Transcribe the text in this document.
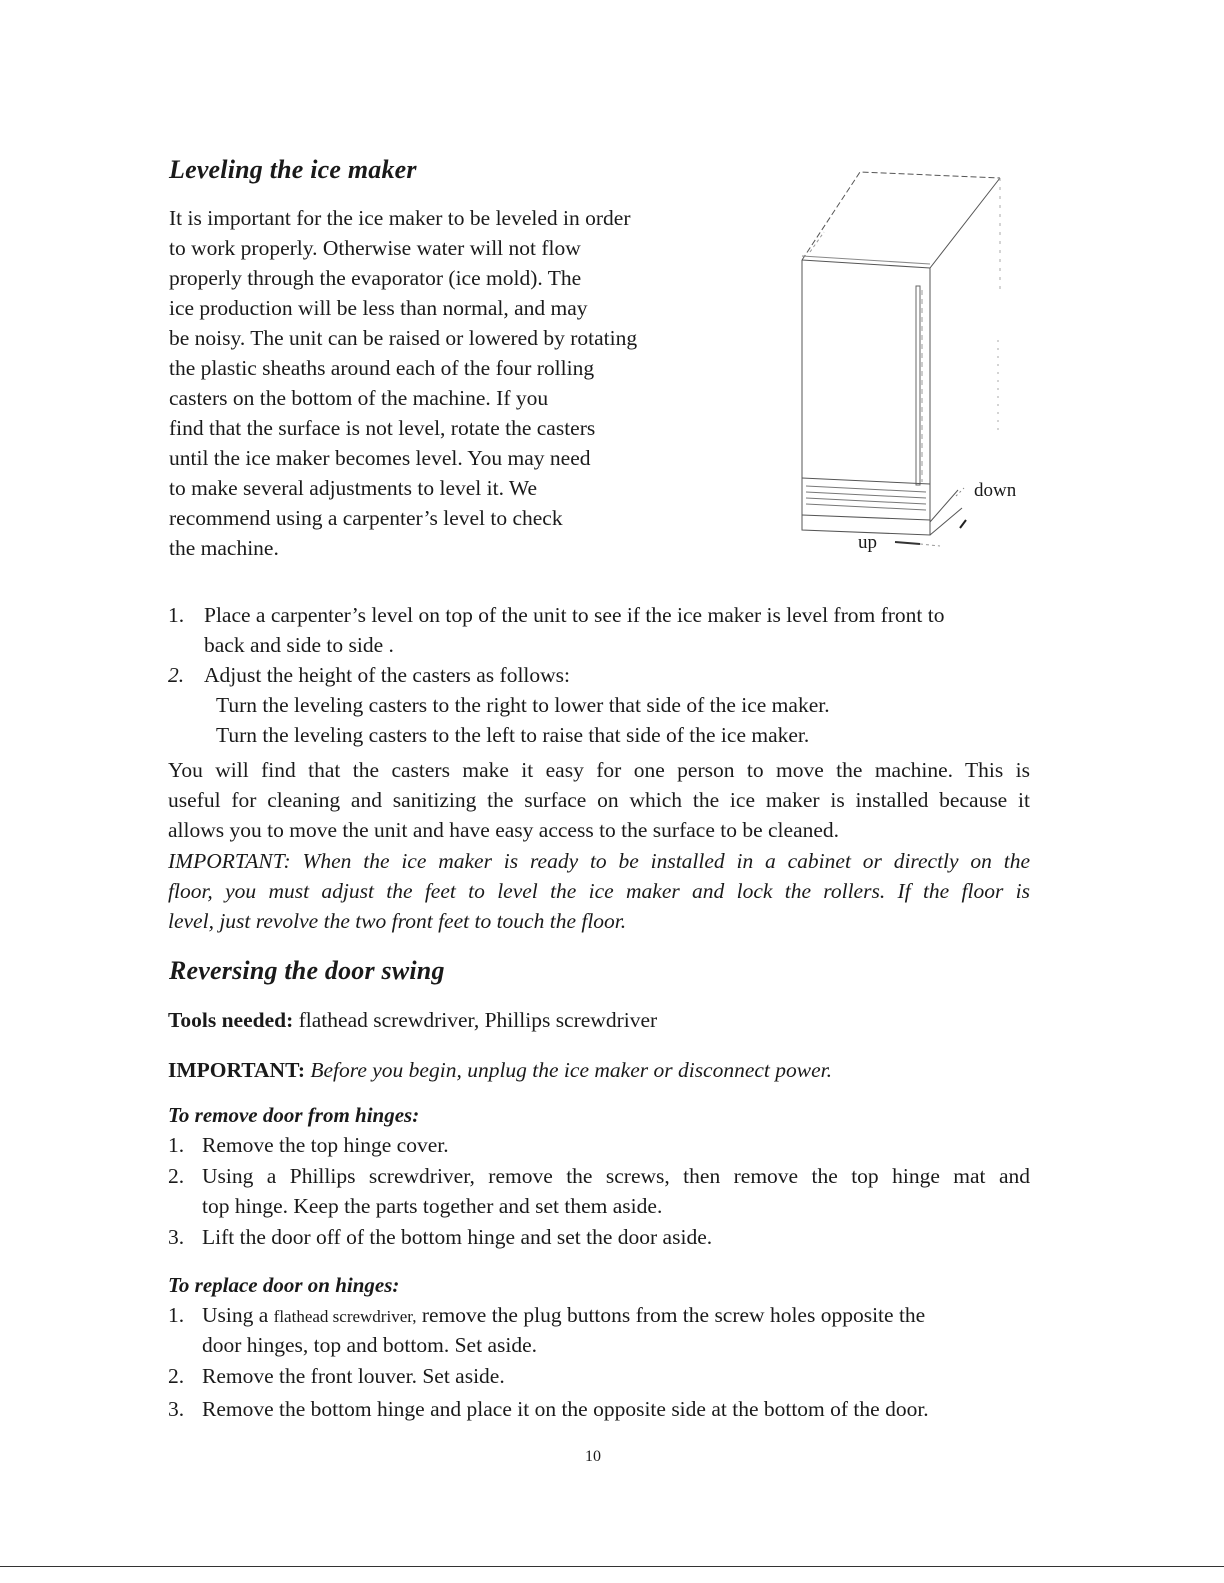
Leveling the ice maker
It is important for the ice maker to be leveled in order
to work properly. Otherwise water will not flow
properly through the evaporator (ice mold). The
ice production will be less than normal, and may
be noisy. The unit can be raised or lowered by rotating
the plastic sheaths around each of the four rolling
casters on the bottom of the machine. If you
find that the surface is not level, rotate the casters
until the ice maker becomes level. You may need
to make several adjustments to level it. We
recommend using a carpenter’s level to check
the machine.
down
up
1. Place a carpenter’s level on top of the unit to see if the ice maker is level from front to
back and side to side .
2. Adjust the height of the casters as follows:
Turn the leveling casters to the right to lower that side of the ice maker.
Turn the leveling casters to the left to raise that side of the ice maker.
You will find that the casters make it easy for one person to move the machine. This is
useful for cleaning and sanitizing the surface on which the ice maker is installed because it
allows you to move the unit and have easy access to the surface to be cleaned.
IMPORTANT: When the ice maker is ready to be installed in a cabinet or directly on the
floor, you must adjust the feet to level the ice maker and lock the rollers. If the floor is
level, just revolve the two front feet to touch the floor.
Reversing the door swing
Tools needed: flathead screwdriver, Phillips screwdriver
IMPORTANT: Before you begin, unplug the ice maker or disconnect power.
To remove door from hinges:
1. Remove the top hinge cover.
2. Using a Phillips screwdriver, remove the screws, then remove the top hinge mat and
top hinge. Keep the parts together and set them aside.
3. Lift the door off of the bottom hinge and set the door aside.
To replace door on hinges:
1. Using a flathead screwdriver, remove the plug buttons from the screw holes opposite the
door hinges, top and bottom. Set aside.
2. Remove the front louver. Set aside.
3. Remove the bottom hinge and place it on the opposite side at the bottom of the door.
10
